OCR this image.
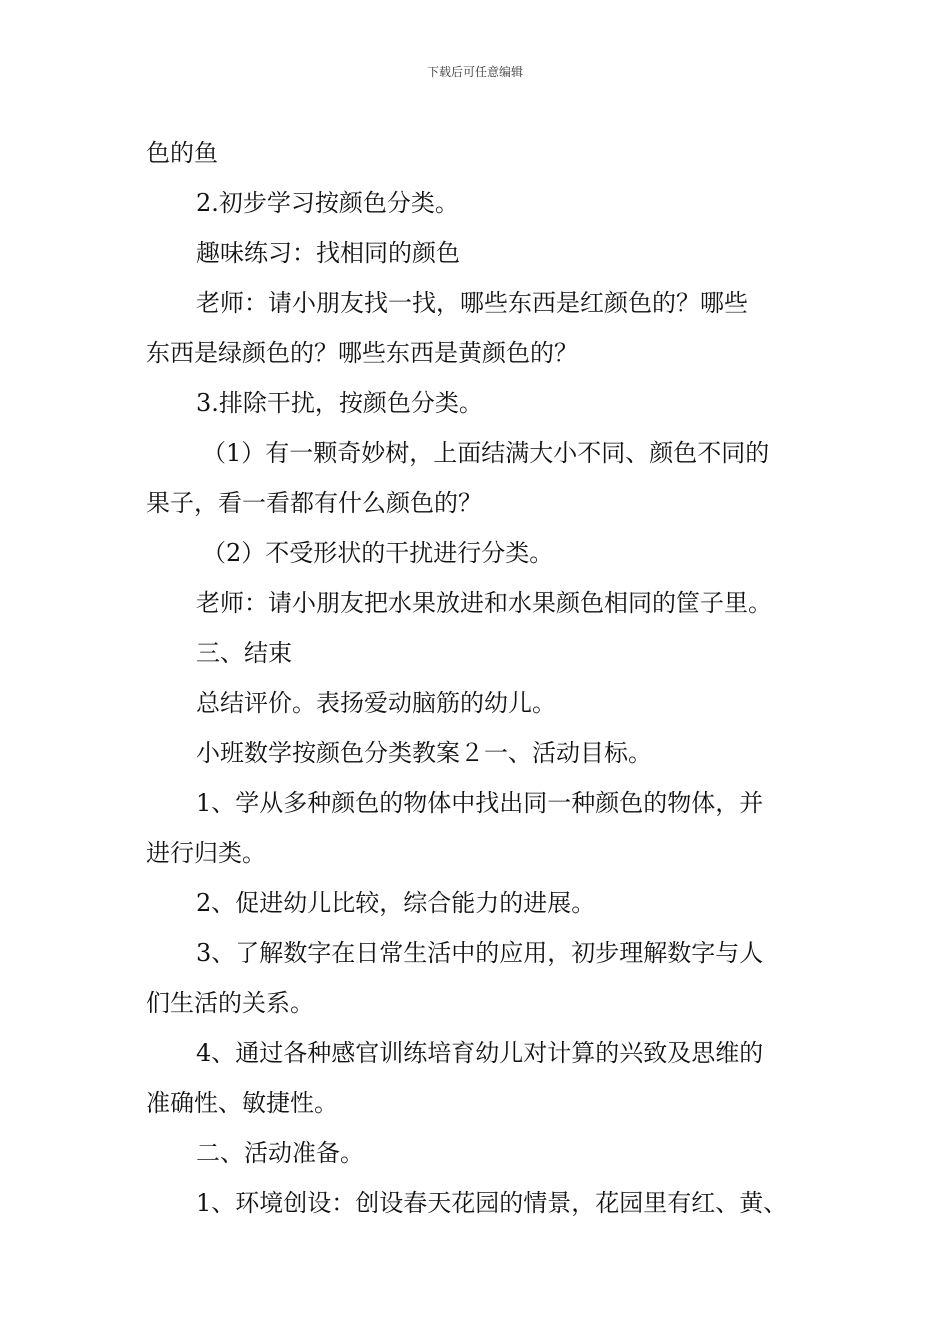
下载后可任意编辑

色的鱼

2.初步学习按颜色分类。

趣味练习：找相同的颜色

老师：请小朋友找一找，哪些东西是红颜色的？哪些

东西是绿颜色的？哪些东西是黄颜色的？

3.排除干扰，按颜色分类。

（1）有一颗奇妙树，上面结满大小不同、颜色不同的

果子，看一看都有什么颜色的？

（2）不受形状的干扰进行分类。

老师：请小朋友把水果放进和水果颜色相同的筐子里。

三、结束

总结评价。表扬爱动脑筋的幼儿。

小班数学按颜色分类教案２一、活动目标。

1、学从多种颜色的物体中找出同一种颜色的物体，并

进行归类。

2、促进幼儿比较，综合能力的进展。

3、了解数字在日常生活中的应用，初步理解数字与人

们生活的关系。

4、通过各种感官训练培育幼儿对计算的兴致及思维的

准确性、敏捷性。

二、活动准备。

1、环境创设：创设春天花园的情景，花园里有红、黄、
